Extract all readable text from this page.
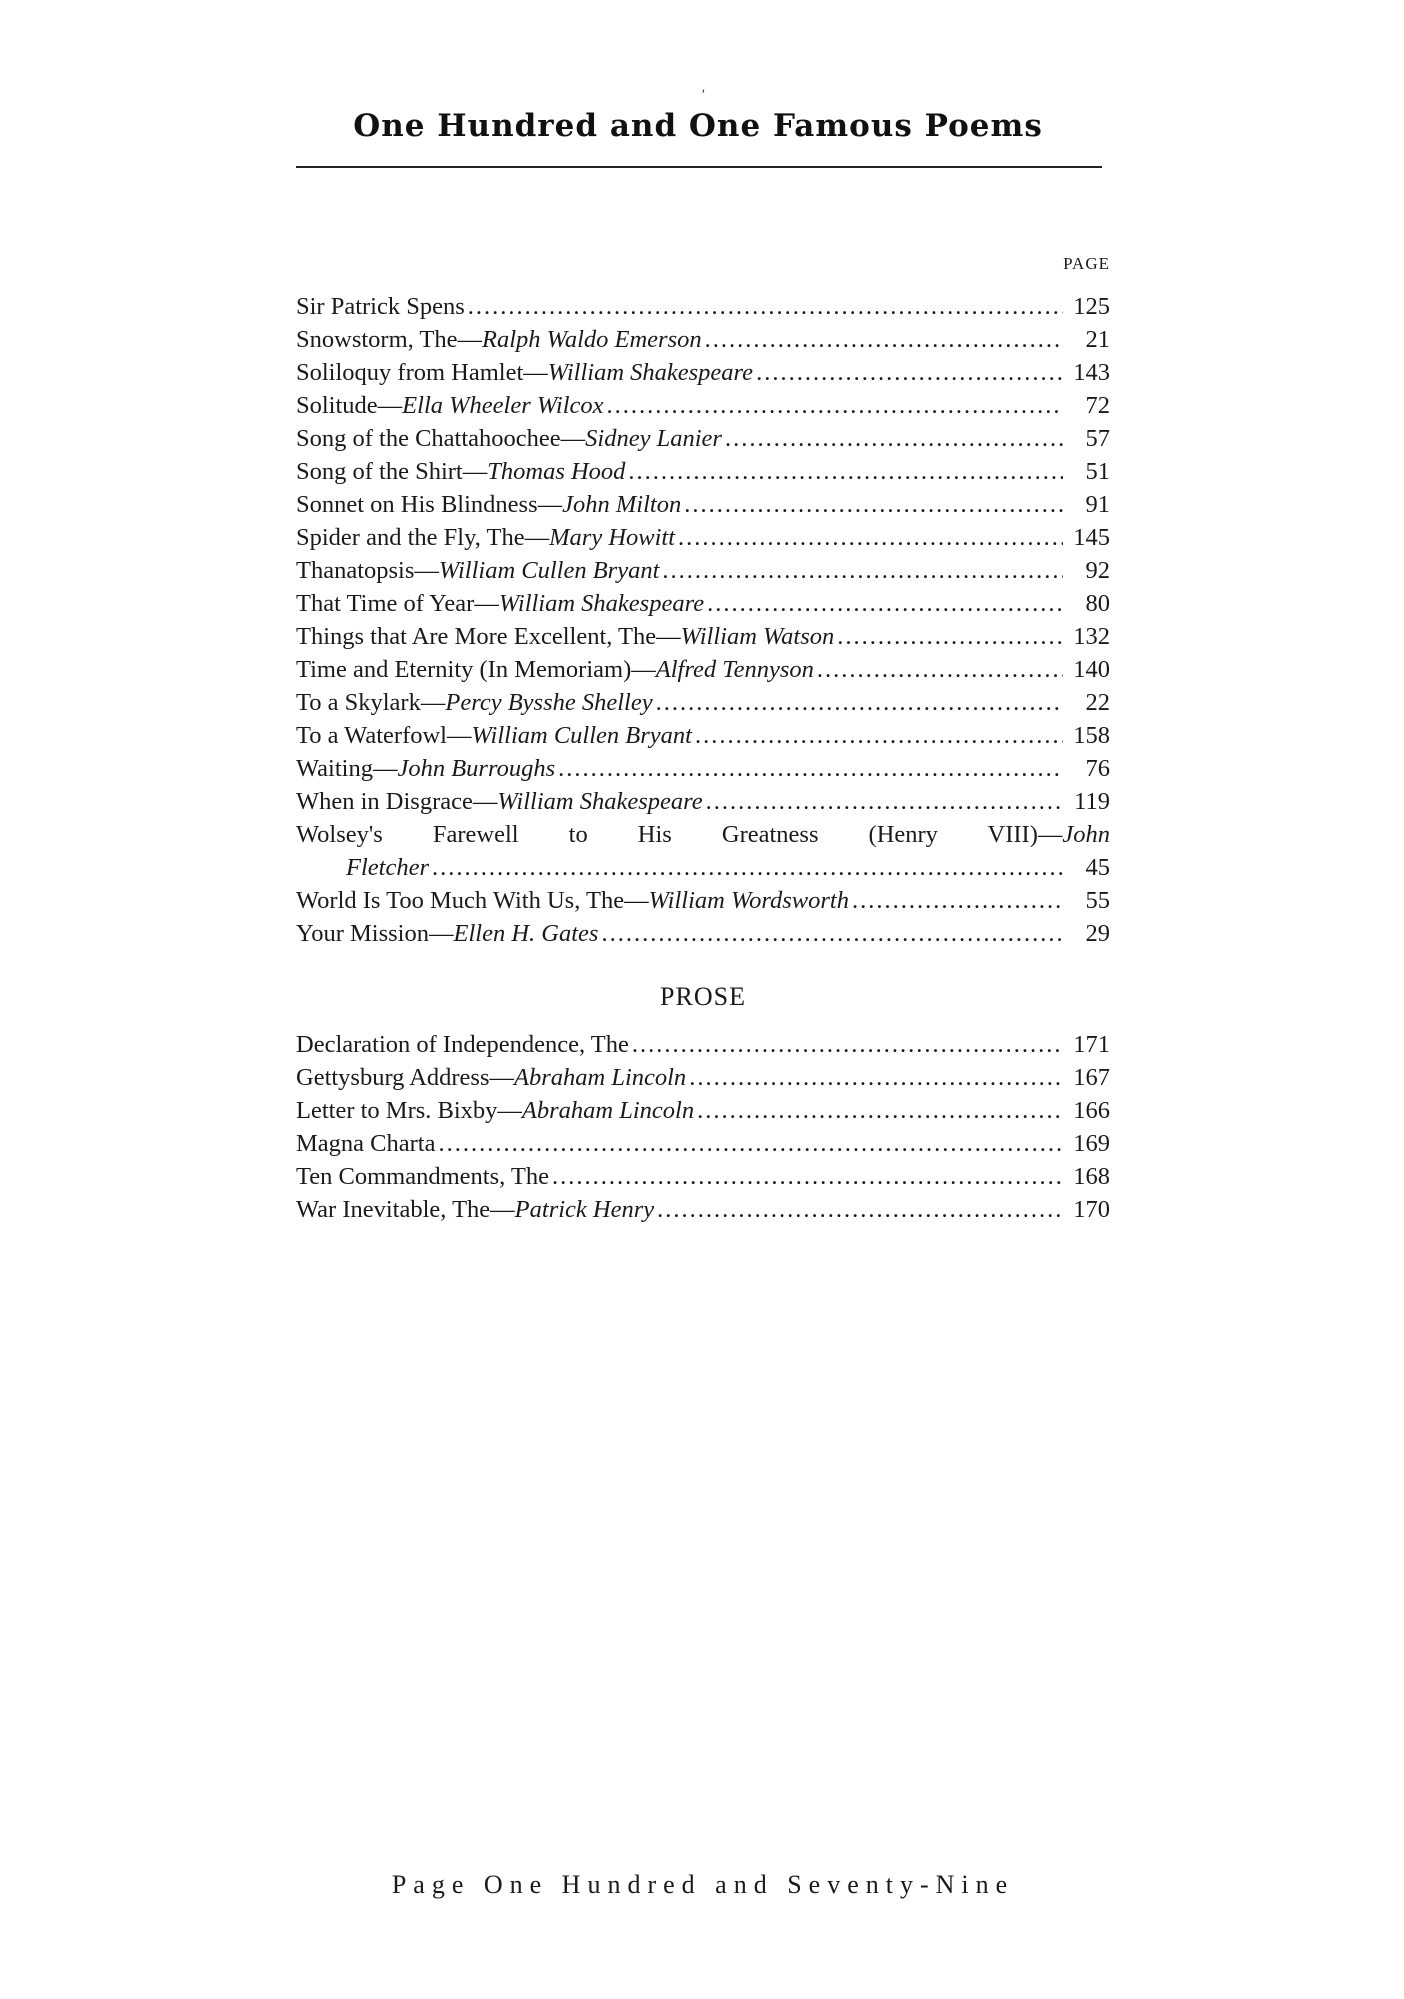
ʹ
One Hundred and One Famous Poems
PAGE
Sir Patrick Spens .....	125
Snowstorm, The— Ralph Waldo Emerson .....	21
Soliloquy from Hamlet— William Shakespeare .....	143
Solitude— Ella Wheeler Wilcox .....	72
Song of the Chattahoochee— Sidney Lanier .....	57
Song of the Shirt— Thomas Hood .....	51
Sonnet on His Blindness— John Milton .....	91
Spider and the Fly, The— Mary Howitt .....	145
Thanatopsis— William Cullen Bryant .....	92
That Time of Year— William Shakespeare .....	80
Things that Are More Excellent, The— William Watson .....	132
Time and Eternity (In Memoriam)— Alfred Tennyson .....	140
To a Skylark— Percy Bysshe Shelley .....	22
To a Waterfowl— William Cullen Bryant .....	158
Waiting— John Burroughs .....	76
When in Disgrace— William Shakespeare .....	119
Wolsey's Farewell to His Greatness (Henry VIII)—John
Fletcher .....	45
World Is Too Much With Us, The— William Wordsworth .....	55
Your Mission— Ellen H. Gates .....	29
PROSE
Declaration of Independence, The .....	171
Gettysburg Address— Abraham Lincoln .....	167
Letter to Mrs. Bixby— Abraham Lincoln .....	166
Magna Charta .....	169
Ten Commandments, The .....	168
War Inevitable, The— Patrick Henry .....	170
Page One Hundred and Seventy-Nine
